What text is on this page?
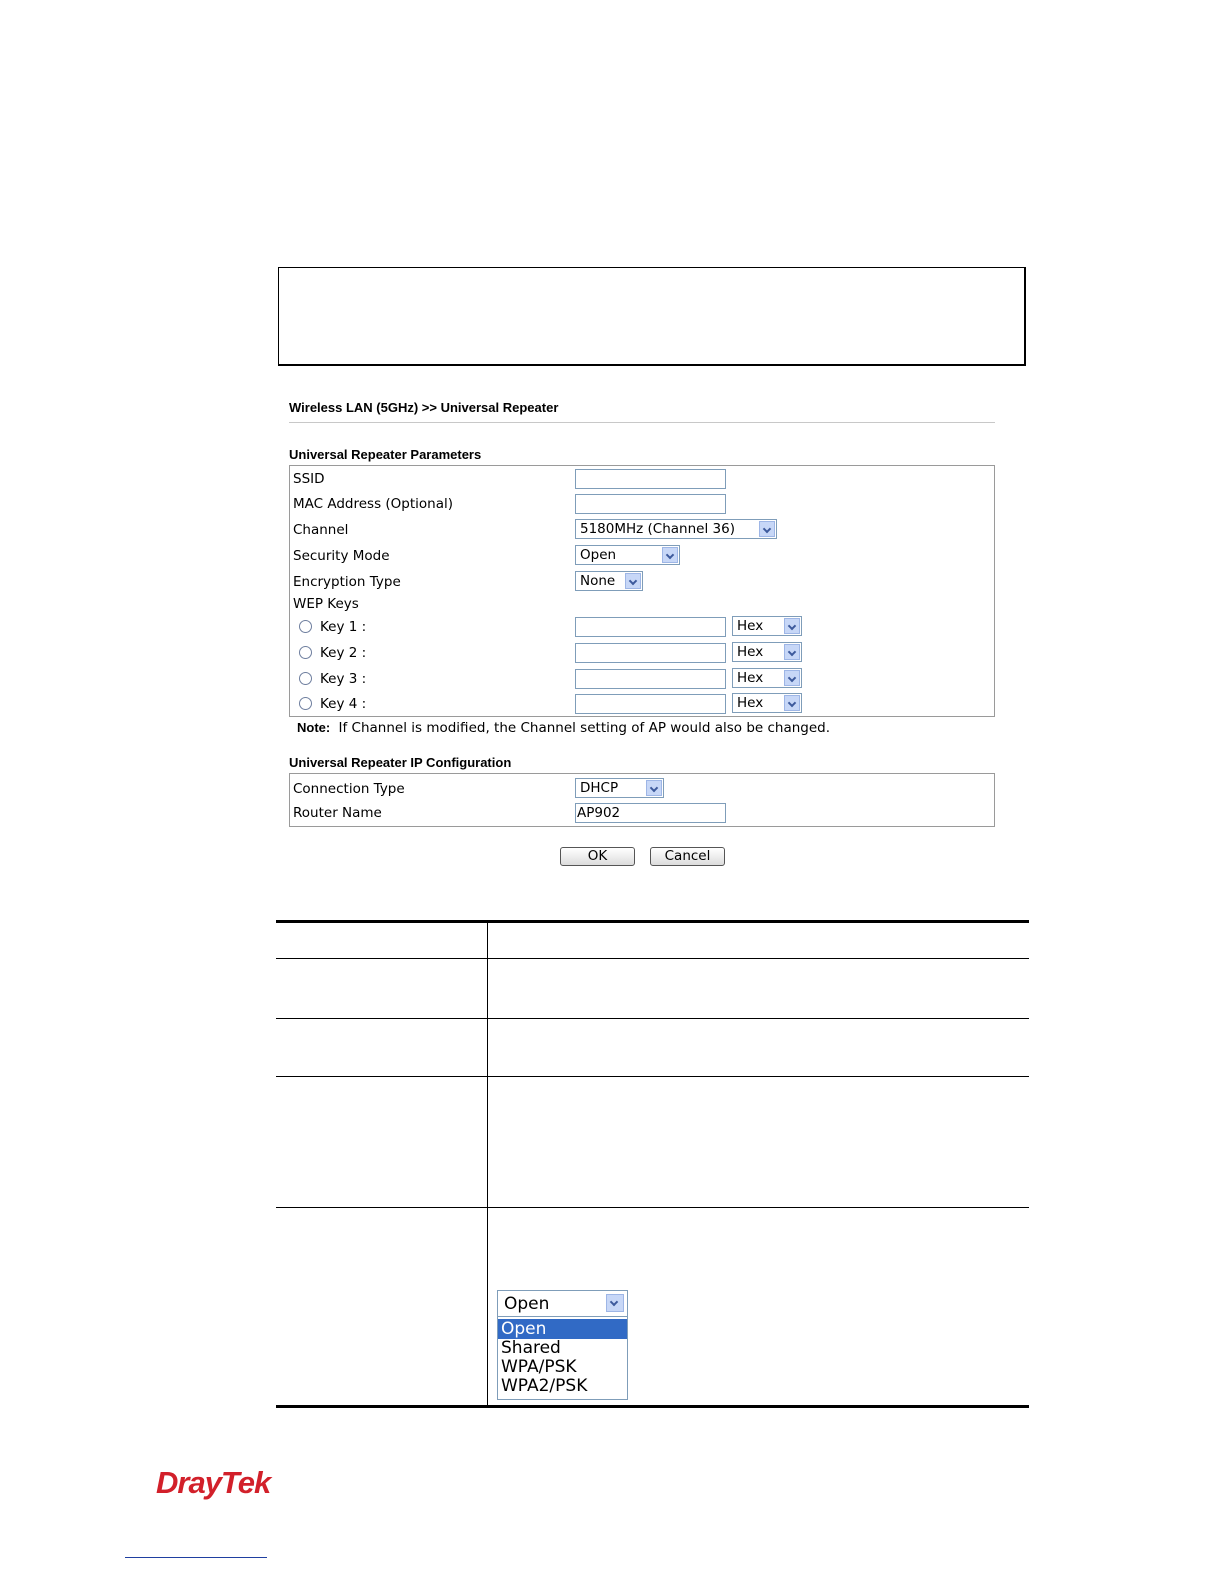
Wireless LAN (5GHz) >> Universal Repeater
Universal Repeater Parameters
SSID
MAC Address (Optional)
Channel	5180MHz (Channel 36)
Security Mode	Open
Encryption Type	None
WEP Keys
Key 1 :	Hex
Key 2 :	Hex
Key 3 :	Hex
Key 4 :	Hex
Note: If Channel is modified, the Channel setting of AP would also be changed.
Universal Repeater IP Configuration
Connection Type	DHCP
Router Name	AP902
OK	Cancel
Open
Open
Shared
WPA/PSK
WPA2/PSK
DrayTek
